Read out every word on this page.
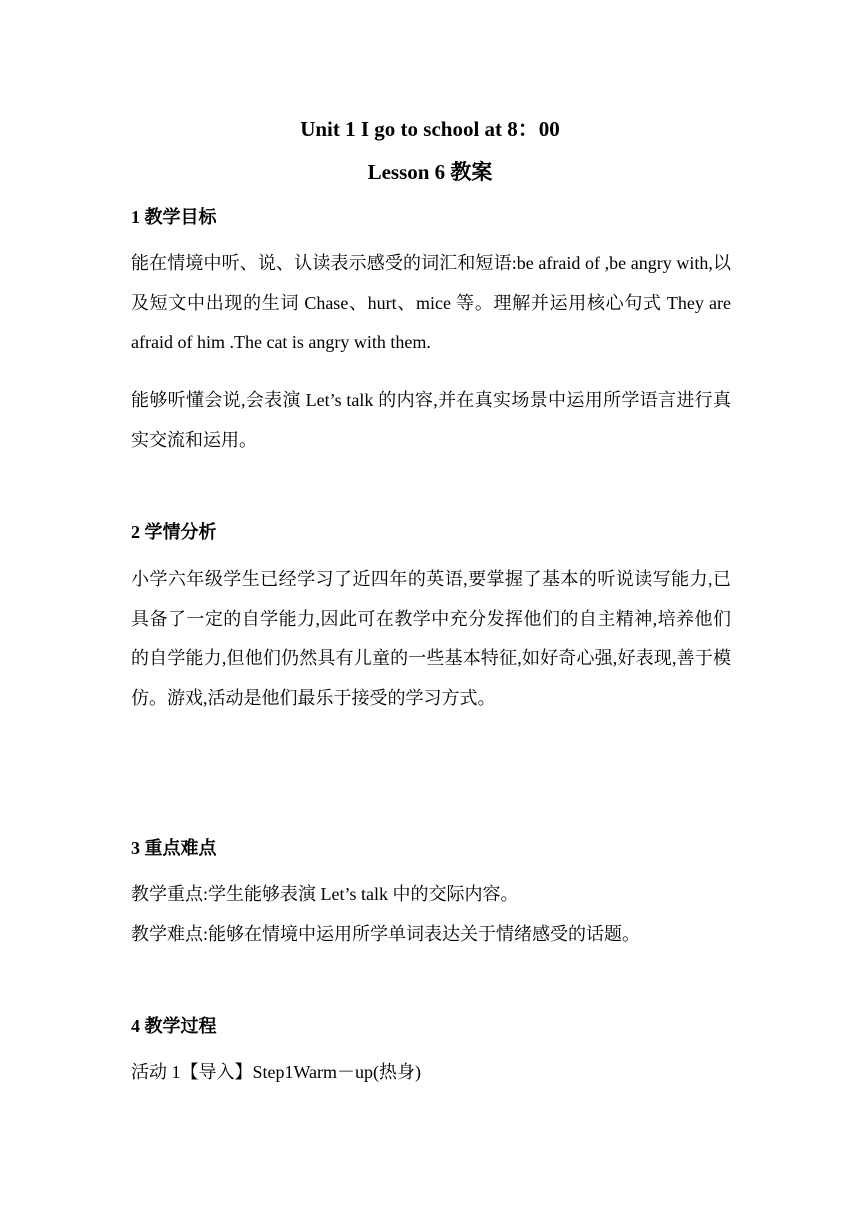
Unit 1 I go to school at 8：00
Lesson 6 教案
1 教学目标
能在情境中听、说、认读表示感受的词汇和短语:be afraid of ,be angry with,以及短文中出现的生词 Chase、hurt、mice 等。理解并运用核心句式 They are afraid of him .The cat is angry with them.
能够听懂会说,会表演 Let’s talk 的内容,并在真实场景中运用所学语言进行真实交流和运用。
2 学情分析
小学六年级学生已经学习了近四年的英语,要掌握了基本的听说读写能力,已具备了一定的自学能力,因此可在教学中充分发挥他们的自主精神,培养他们的自学能力,但他们仍然具有儿童的一些基本特征,如好奇心强,好表现,善于模仿。游戏,活动是他们最乐于接受的学习方式。
3 重点难点
教学重点:学生能够表演 Let’s talk 中的交际内容。
教学难点:能够在情境中运用所学单词表达关于情绪感受的话题。
4 教学过程
活动 1【导入】Step1Warm－up(热身)
